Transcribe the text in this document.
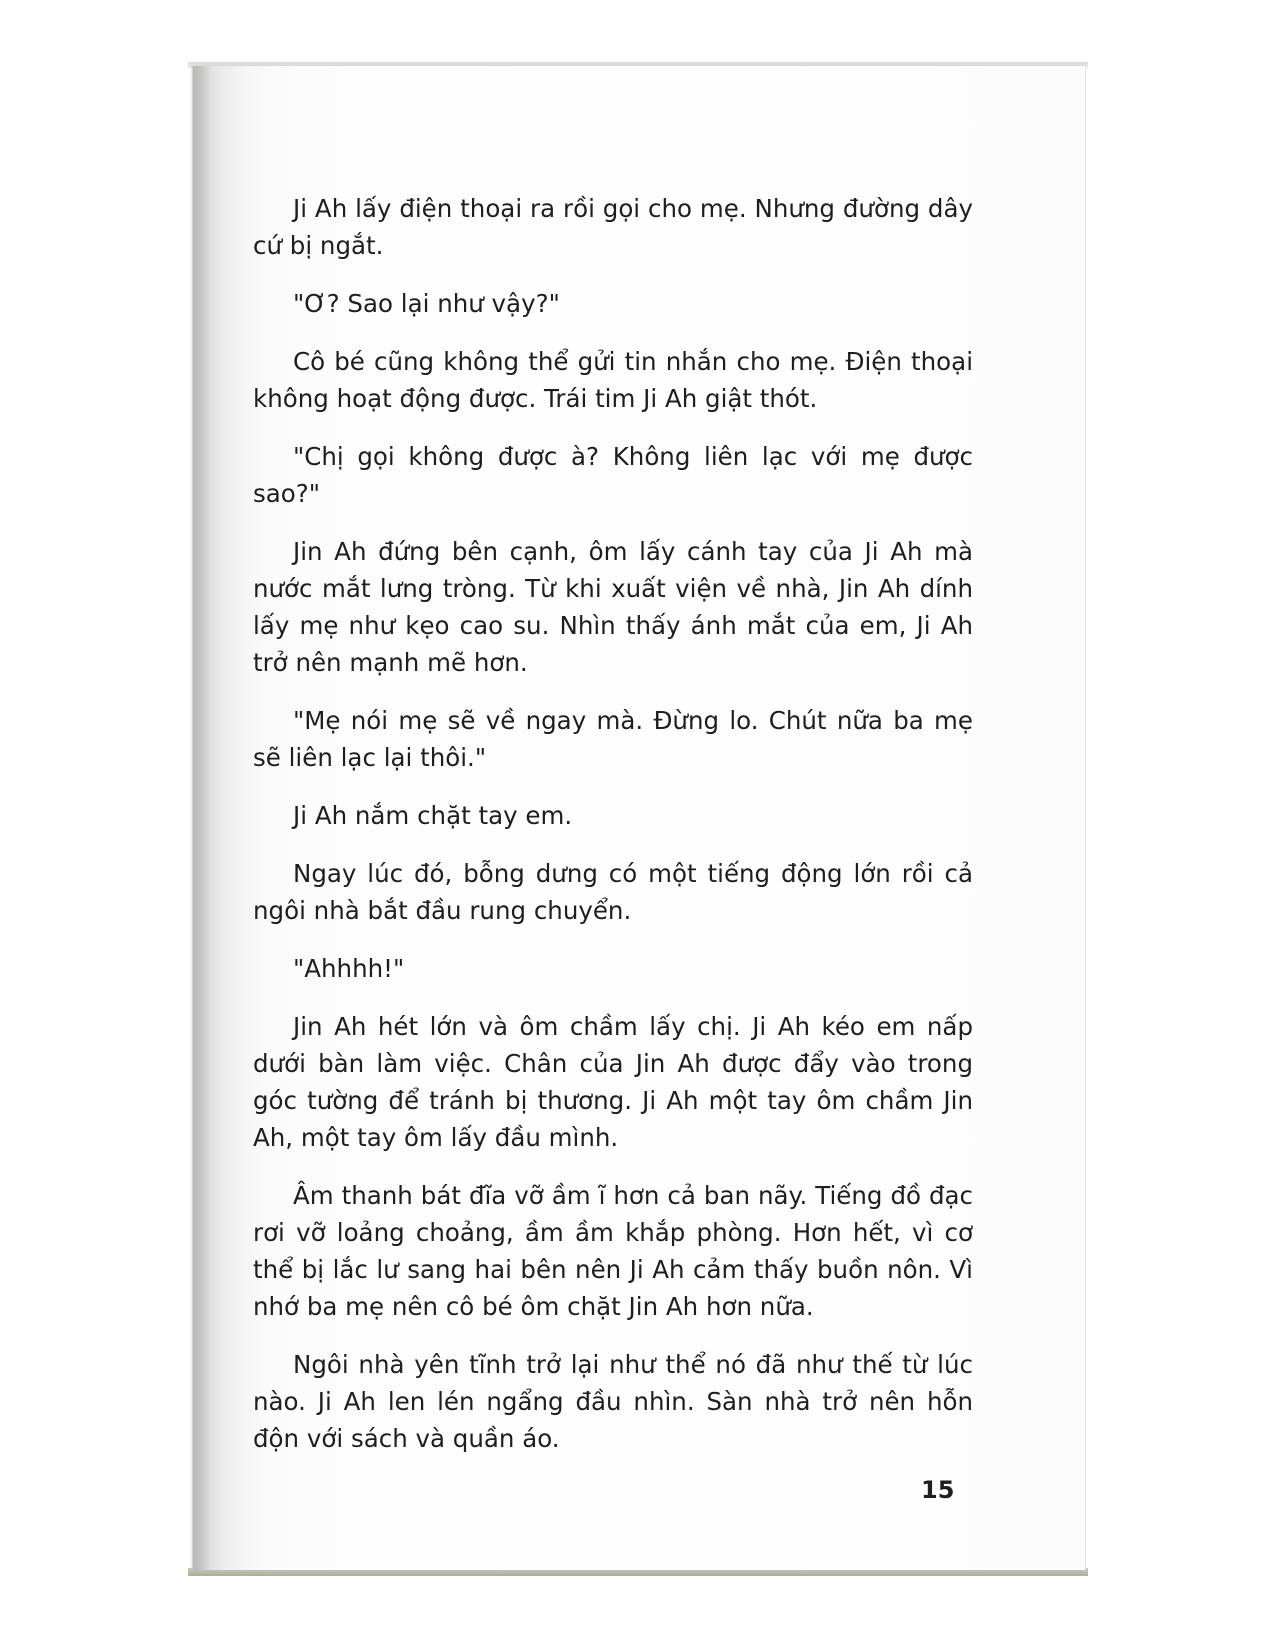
Ji Ah lấy điện thoại ra rồi gọi cho mẹ. Nhưng đường dây cứ bị ngắt.

"Ơ? Sao lại như vậy?"

Cô bé cũng không thể gửi tin nhắn cho mẹ. Điện thoại không hoạt động được. Trái tim Ji Ah giật thót.

"Chị gọi không được à? Không liên lạc với mẹ được sao?"

Jin Ah đứng bên cạnh, ôm lấy cánh tay của Ji Ah mà nước mắt lưng tròng. Từ khi xuất viện về nhà, Jin Ah dính lấy mẹ như kẹo cao su. Nhìn thấy ánh mắt của em, Ji Ah trở nên mạnh mẽ hơn.

"Mẹ nói mẹ sẽ về ngay mà. Đừng lo. Chút nữa ba mẹ sẽ liên lạc lại thôi."

Ji Ah nắm chặt tay em.

Ngay lúc đó, bỗng dưng có một tiếng động lớn rồi cả ngôi nhà bắt đầu rung chuyển.

"Ahhhh!"

Jin Ah hét lớn và ôm chầm lấy chị. Ji Ah kéo em nấp dưới bàn làm việc. Chân của Jin Ah được đẩy vào trong góc tường để tránh bị thương. Ji Ah một tay ôm chầm Jin Ah, một tay ôm lấy đầu mình.

Âm thanh bát đĩa vỡ ầm ĩ hơn cả ban nãy. Tiếng đồ đạc rơi vỡ loảng choảng, ầm ầm khắp phòng. Hơn hết, vì cơ thể bị lắc lư sang hai bên nên Ji Ah cảm thấy buồn nôn. Vì nhớ ba mẹ nên cô bé ôm chặt Jin Ah hơn nữa.

Ngôi nhà yên tĩnh trở lại như thể nó đã như thế từ lúc nào. Ji Ah len lén ngẩng đầu nhìn. Sàn nhà trở nên hỗn độn với sách và quần áo.

15
